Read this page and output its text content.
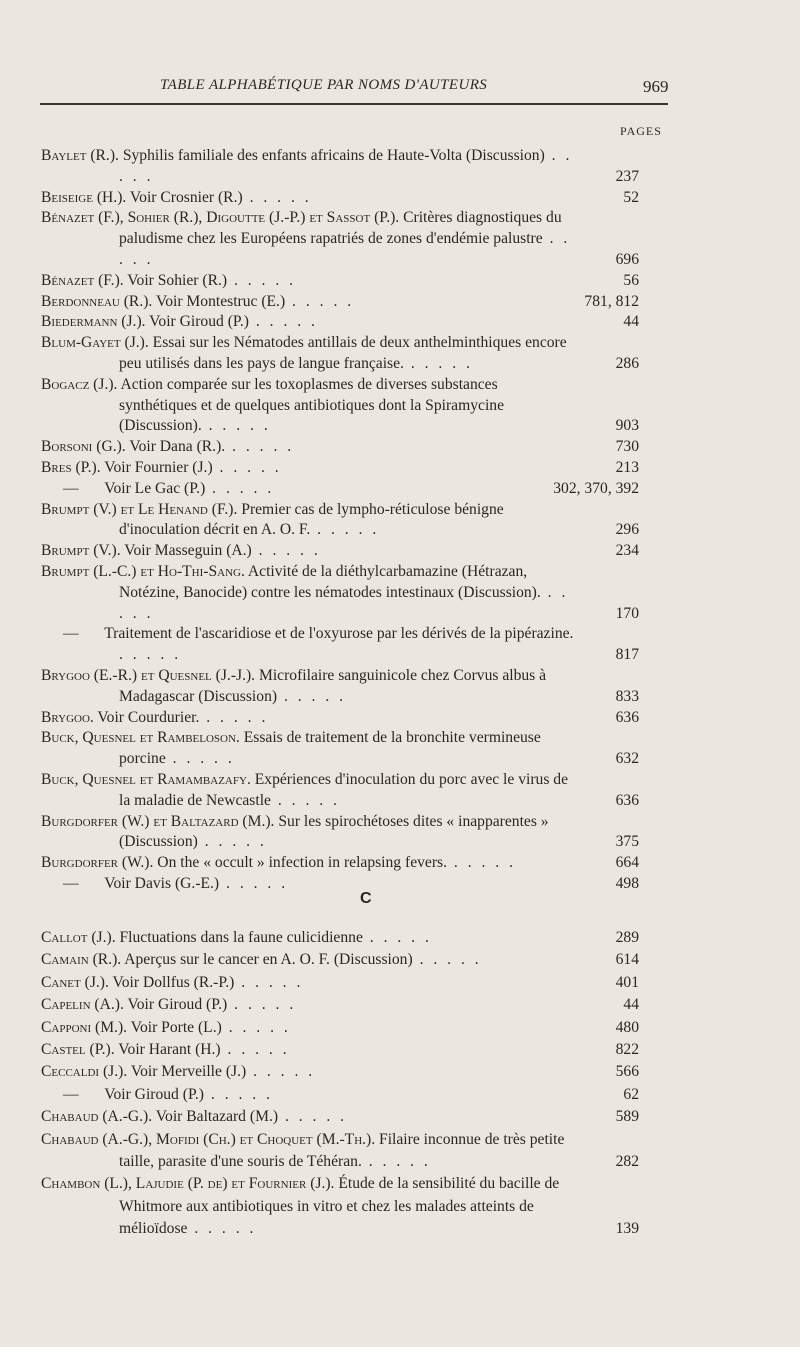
TABLE ALPHABÉTIQUE PAR NOMS D'AUTEURS	969
PAGES

Baylet (R.). Syphilis familiale des enfants africains de Haute-Volta (Discussion) . . . . .	237

Beiseige (H.). Voir Crosnier (R.) . . . . .	52

Bénazet (F.), Sohier (R.), Digoutte (J.-P.) et Sassot (P.). Critères diagnostiques du paludisme chez les Européens rapatriés de zones d'endémie palustre . . . . .	696

Bénazet (F.). Voir Sohier (R.) . . . . .	56

Berdonneau (R.). Voir Montestruc (E.) . . . . .	781, 812

Biedermann (J.). Voir Giroud (P.) . . . . .	44

Blum-Gayet (J.). Essai sur les Nématodes antillais de deux anthelminthiques encore peu utilisés dans les pays de langue française. . . . . .	286

Bogacz (J.). Action comparée sur les toxoplasmes de diverses substances synthétiques et de quelques antibiotiques dont la Spiramycine (Discussion). . . . . .	903

Borsoni (G.). Voir Dana (R.). . . . . .	730

Bres (P.). Voir Fournier (J.) . . . . .	213

— Voir Le Gac (P.) . . . . .	302, 370, 392

Brumpt (V.) et Le Henand (F.). Premier cas de lympho-réticulose bénigne d'inoculation décrit en A. O. F. . . . . .	296

Brumpt (V.). Voir Masseguin (A.) . . . . .	234

Brumpt (L.-C.) et Ho-Thi-Sang. Activité de la diéthylcarbamazine (Hétrazan, Notézine, Banocide) contre les nématodes intestinaux (Discussion). . . . . .	170

— Traitement de l'ascaridiose et de l'oxyurose par les dérivés de la pipérazine. . . . . .	817

Brygoo (E.-R.) et Quesnel (J.-J.). Microfilaire sanguinicole chez Corvus albus à Madagascar (Discussion) . . . . .	833

Brygoo. Voir Courdurier. . . . . .	636

Buck, Quesnel et Rambeloson. Essais de traitement de la bronchite vermineuse porcine . . . . .	632

Buck, Quesnel et Ramambazafy. Expériences d'inoculation du porc avec le virus de la maladie de Newcastle . . . . .	636

Burgdorfer (W.) et Baltazard (M.). Sur les spirochétoses dites « inapparentes » (Discussion) . . . . .	375

Burgdorfer (W.). On the « occult » infection in relapsing fevers. . . . . .	664

— Voir Davis (G.-E.) . . . . .	498

C

Callot (J.). Fluctuations dans la faune culicidienne . . . . .	289

Camain (R.). Aperçus sur le cancer en A. O. F. (Discussion) . . . . .	614

Canet (J.). Voir Dollfus (R.-P.) . . . . .	401

Capelin (A.). Voir Giroud (P.) . . . . .	44

Capponi (M.). Voir Porte (L.) . . . . .	480

Castel (P.). Voir Harant (H.) . . . . .	822

Ceccaldi (J.). Voir Merveille (J.) . . . . .	566

— Voir Giroud (P.) . . . . .	62

Chabaud (A.-G.). Voir Baltazard (M.) . . . . .	589

Chabaud (A.-G.), Mofidi (Ch.) et Choquet (M.-Th.). Filaire inconnue de très petite taille, parasite d'une souris de Téhéran. . . . . .	282

Chambon (L.), Lajudie (P. de) et Fournier (J.). Étude de la sensibilité du bacille de Whitmore aux antibiotiques in vitro et chez les malades atteints de mélioïdose . . . . .	139
